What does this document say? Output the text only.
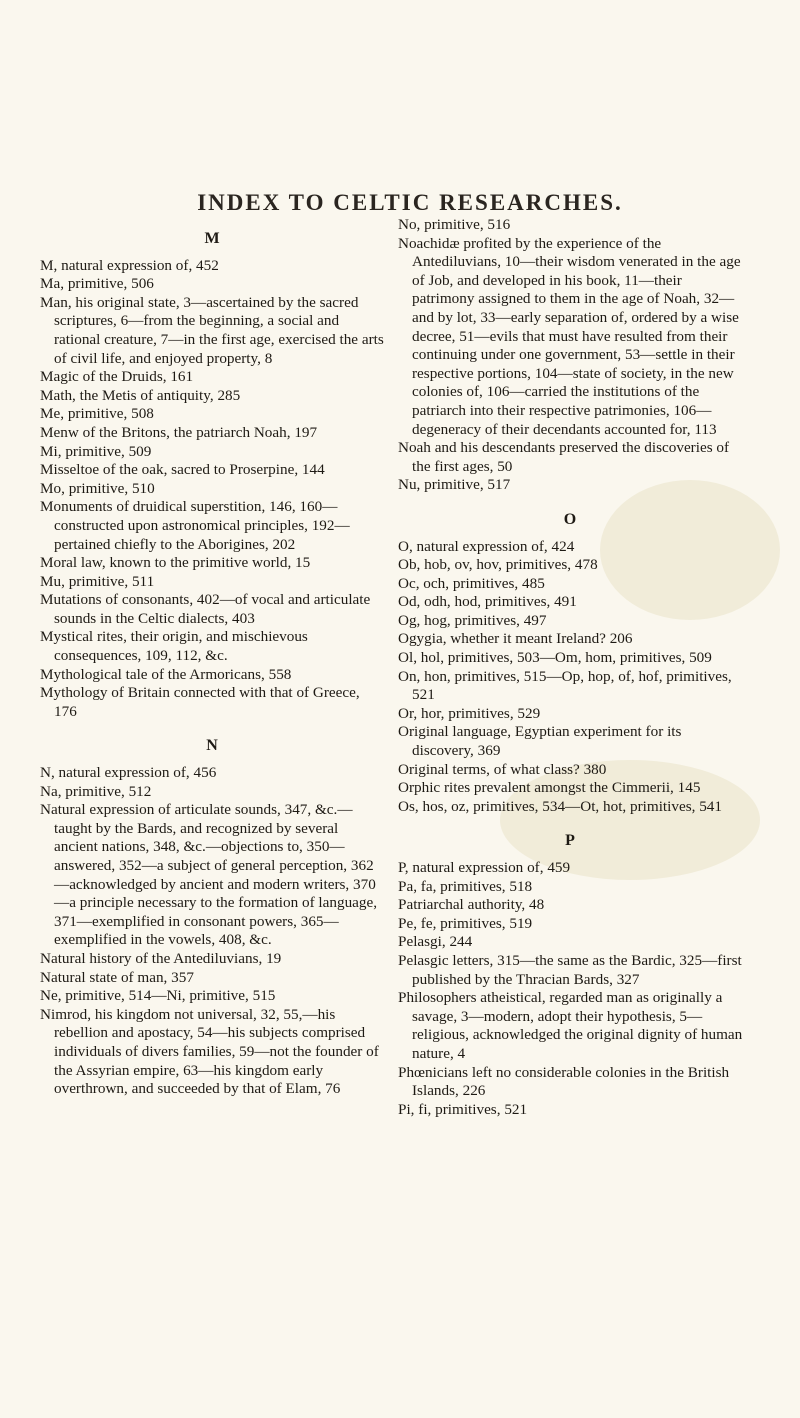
INDEX TO CELTIC RESEARCHES.
M

M, natural expression of, 452

Ma, primitive, 506

Man, his original state, 3—ascertained by the sacred scriptures, 6—from the beginning, a social and rational creature, 7—in the first age, exercised the arts of civil life, and enjoyed property, 8

Magic of the Druids, 161

Math, the Metis of antiquity, 285

Me, primitive, 508

Menw of the Britons, the patriarch Noah, 197

Mi, primitive, 509

Misseltoe of the oak, sacred to Proserpine, 144

Mo, primitive, 510

Monuments of druidical superstition, 146, 160—constructed upon astronomical principles, 192—pertained chiefly to the Aborigines, 202

Moral law, known to the primitive world, 15

Mu, primitive, 511

Mutations of consonants, 402—of vocal and articulate sounds in the Celtic dialects, 403

Mystical rites, their origin, and mischievous consequences, 109, 112, &c.

Mythological tale of the Armoricans, 558

Mythology of Britain connected with that of Greece, 176

N

N, natural expression of, 456

Na, primitive, 512

Natural expression of articulate sounds, 347, &c.—taught by the Bards, and recognized by several ancient nations, 348, &c.—objections to, 350—answered, 352—a subject of general perception, 362—acknowledged by ancient and modern writers, 370—a principle necessary to the formation of language, 371—exemplified in consonant powers, 365—exemplified in the vowels, 408, &c.

Natural history of the Antediluvians, 19

Natural state of man, 357

Ne, primitive, 514—Ni, primitive, 515

Nimrod, his kingdom not universal, 32, 55,—his rebellion and apostacy, 54—his subjects comprised individuals of divers families, 59—not the founder of the Assyrian empire, 63—his kingdom early overthrown, and succeeded by that of Elam, 76

No, primitive, 516

Noachidæ profited by the experience of the Antediluvians, 10—their wisdom venerated in the age of Job, and developed in his book, 11—their patrimony assigned to them in the age of Noah, 32—and by lot, 33—early separation of, ordered by a wise decree, 51—evils that must have resulted from their continuing under one government, 53—settle in their respective portions, 104—state of society, in the new colonies of, 106—carried the institutions of the patriarch into their respective patrimonies, 106—degeneracy of their decendants accounted for, 113

Noah and his descendants preserved the discoveries of the first ages, 50

Nu, primitive, 517

O

O, natural expression of, 424

Ob, hob, ov, hov, primitives, 478

Oc, och, primitives, 485

Od, odh, hod, primitives, 491

Og, hog, primitives, 497

Ogygia, whether it meant Ireland? 206

Ol, hol, primitives, 503—Om, hom, primitives, 509

On, hon, primitives, 515—Op, hop, of, hof, primitives, 521

Or, hor, primitives, 529

Original language, Egyptian experiment for its discovery, 369

Original terms, of what class? 380

Orphic rites prevalent amongst the Cimmerii, 145

Os, hos, oz, primitives, 534—Ot, hot, primitives, 541

P

P, natural expression of, 459

Pa, fa, primitives, 518

Patriarchal authority, 48

Pe, fe, primitives, 519

Pelasgi, 244

Pelasgic letters, 315—the same as the Bardic, 325—first published by the Thracian Bards, 327

Philosophers atheistical, regarded man as originally a savage, 3—modern, adopt their hypothesis, 5—religious, acknowledged the original dignity of human nature, 4

Phœnicians left no considerable colonies in the British Islands, 226

Pi, fi, primitives, 521
